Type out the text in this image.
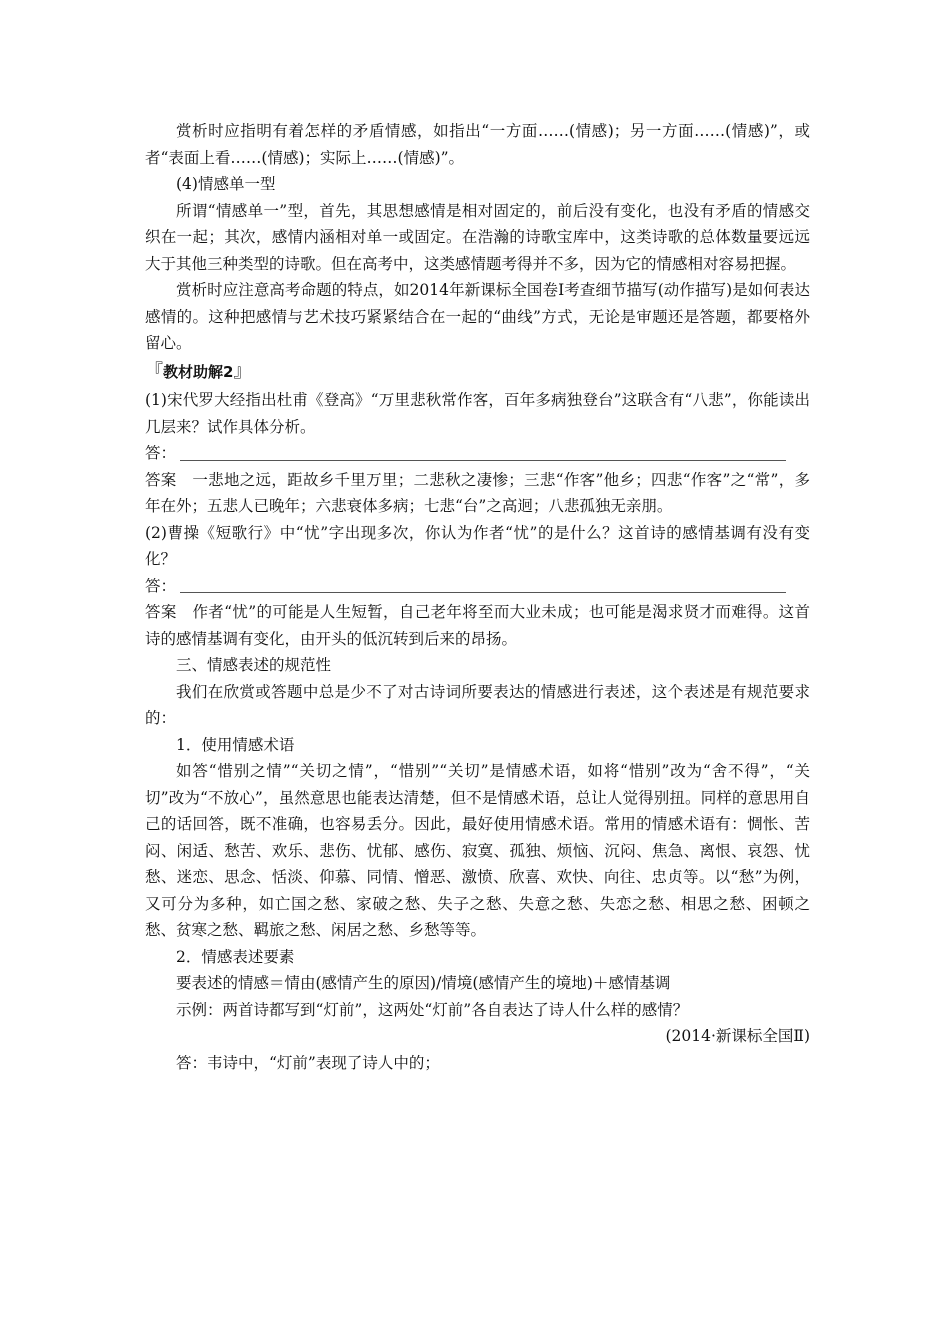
赏析时应指明有着怎样的矛盾情感，如指出“一方面……(情感)；另一方面……(情感)”，或者“表面上看……(情感)；实际上……(情感)”。

(4)情感单一型

所谓“情感单一”型，首先，其思想感情是相对固定的，前后没有变化，也没有矛盾的情感交织在一起；其次，感情内涵相对单一或固定。在浩瀚的诗歌宝库中，这类诗歌的总体数量要远远大于其他三种类型的诗歌。但在高考中，这类感情题考得并不多，因为它的情感相对容易把握。

赏析时应注意高考命题的特点，如2014年新课标全国卷Ⅰ考查细节描写(动作描写)是如何表达感情的。这种把感情与艺术技巧紧紧结合在一起的“曲线”方式，无论是审题还是答题，都要格外留心。

『 教材助解2 』

(1)宋代罗大经指出杜甫《登高》“万里悲秋常作客，百年多病独登台”这联含有“八悲”，你能读出几层来？试作具体分析。

答：

答案　一悲地之远，距故乡千里万里；二悲秋之凄惨；三悲“作客”他乡；四悲“作客”之“常”，多年在外；五悲人已晚年；六悲衰体多病；七悲“台”之高迥；八悲孤独无亲朋。

(2)曹操《短歌行》中“忧”字出现多次，你认为作者“忧”的是什么？这首诗的感情基调有没有变化？

答：

答案　作者“忧”的可能是人生短暂，自己老年将至而大业未成；也可能是渴求贤才而难得。这首诗的感情基调有变化，由开头的低沉转到后来的昂扬。

三、情感表述的规范性

我们在欣赏或答题中总是少不了对古诗词所要表达的情感进行表述，这个表述是有规范要求的：

1．使用情感术语

如答“惜别之情”“关切之情”，“惜别”“关切”是情感术语，如将“惜别”改为“舍不得”，“关切”改为“不放心”，虽然意思也能表达清楚，但不是情感术语，总让人觉得别扭。同样的意思用自己的话回答，既不准确，也容易丢分。因此，最好使用情感术语。常用的情感术语有：惆怅、苦闷、闲适、愁苦、欢乐、悲伤、忧郁、感伤、寂寞、孤独、烦恼、沉闷、焦急、离恨、哀怨、忧愁、迷恋、思念、恬淡、仰慕、同情、憎恶、激愤、欣喜、欢快、向往、忠贞等。以“愁”为例，又可分为多种，如亡国之愁、家破之愁、失子之愁、失意之愁、失恋之愁、相思之愁、困顿之愁、贫寒之愁、羁旅之愁、闲居之愁、乡愁等等。

2．情感表述要素

要表述的情感＝情由(感情产生的原因)/情境(感情产生的境地)＋感情基调

示例：两首诗都写到“灯前”，这两处“灯前”各自表达了诗人什么样的感情？

(2014·新课标全国Ⅱ)

答：韦诗中，“灯前”表现了诗人中的；
